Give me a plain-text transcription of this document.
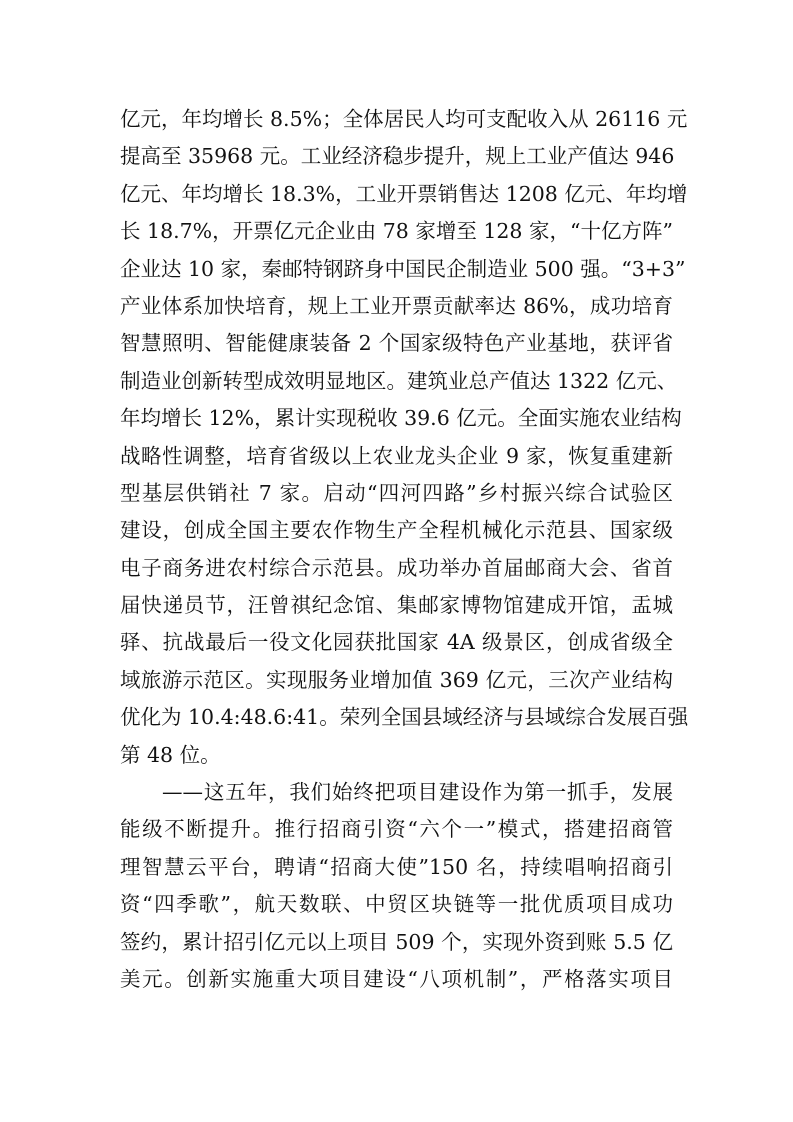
亿元，年均增长 8.5%；全体居民人均可支配收入从 26116 元
提高至 35968 元。工业经济稳步提升，规上工业产值达 946
亿元、年均增长 18.3%，工业开票销售达 1208 亿元、年均增
长 18.7%，开票亿元企业由 78 家增至 128 家，“十亿方阵”
企业达 10 家，秦邮特钢跻身中国民企制造业 500 强。“3+3”
产业体系加快培育，规上工业开票贡献率达 86%，成功培育
智慧照明、智能健康装备 2 个国家级特色产业基地，获评省
制造业创新转型成效明显地区。建筑业总产值达 1322 亿元、
年均增长 12%，累计实现税收 39.6 亿元。全面实施农业结构
战略性调整，培育省级以上农业龙头企业 9 家，恢复重建新
型基层供销社 7 家。启动“四河四路”乡村振兴综合试验区
建设，创成全国主要农作物生产全程机械化示范县、国家级
电子商务进农村综合示范县。成功举办首届邮商大会、省首
届快递员节，汪曾祺纪念馆、集邮家博物馆建成开馆，盂城
驿、抗战最后一役文化园获批国家 4A 级景区，创成省级全
域旅游示范区。实现服务业增加值 369 亿元，三次产业结构
优化为 10.4:48.6:41。荣列全国县域经济与县域综合发展百强
第 48 位。
——这五年，我们始终把项目建设作为第一抓手，发展
能级不断提升。推行招商引资“六个一”模式，搭建招商管
理智慧云平台，聘请“招商大使”150 名，持续唱响招商引
资“四季歌”，航天数联、中贸区块链等一批优质项目成功
签约，累计招引亿元以上项目 509 个，实现外资到账 5.5 亿
美元。创新实施重大项目建设“八项机制”，严格落实项目
